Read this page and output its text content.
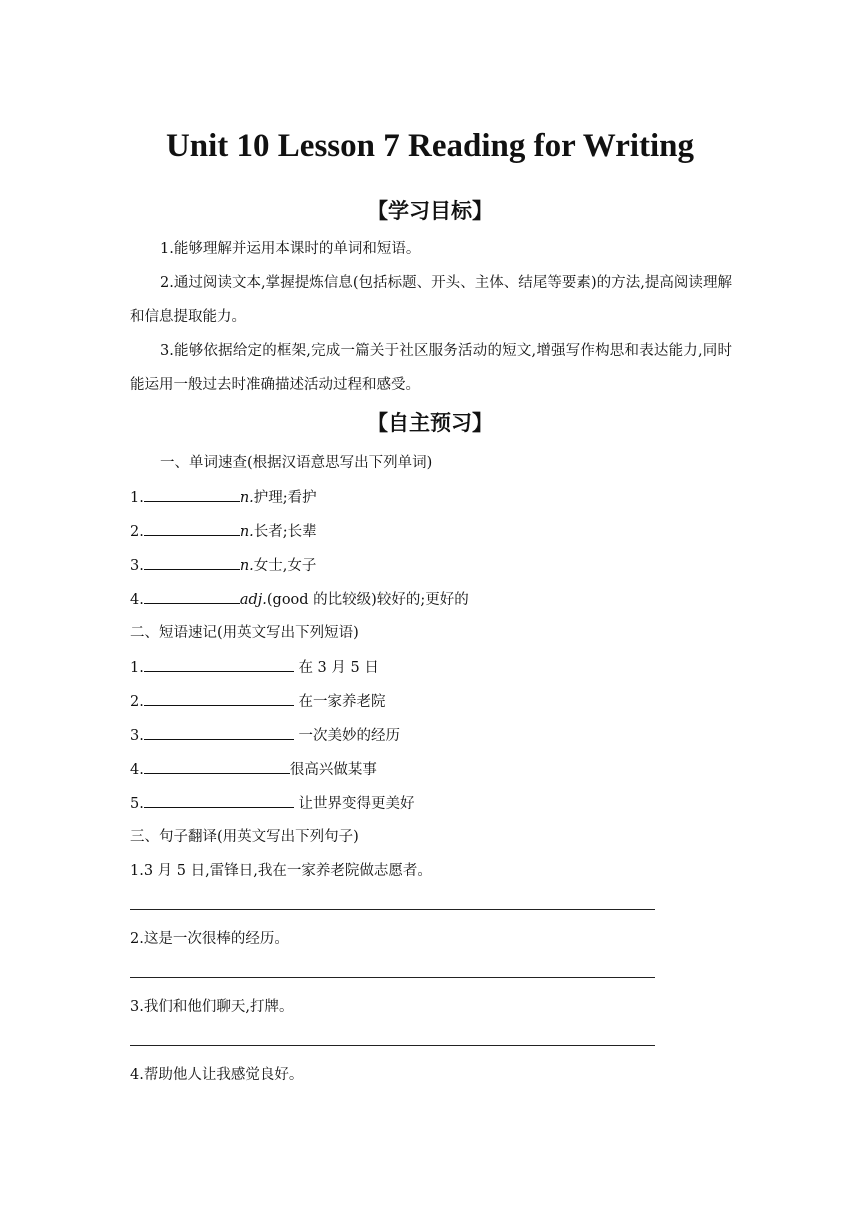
Unit 10 Lesson 7 Reading for Writing
【学习目标】
1.能够理解并运用本课时的单词和短语。
2.通过阅读文本,掌握提炼信息(包括标题、开头、主体、结尾等要素)的方法,提高阅读理解和信息提取能力。
3.能够依据给定的框架,完成一篇关于社区服务活动的短文,增强写作构思和表达能力,同时能运用一般过去时准确描述活动过程和感受。
【自主预习】
一、单词速查(根据汉语意思写出下列单词)
1.	n.护理;看护
2.	n.长者;长辈
3.	n.女士,女子
4.	adj.(good 的比较级)较好的;更好的
二、短语速记(用英文写出下列短语)
1.	在 3 月 5 日
2.	在一家养老院
3.	一次美妙的经历
4.	很高兴做某事
5.	让世界变得更美好
三、句子翻译(用英文写出下列句子)
1.3 月 5 日,雷锋日,我在一家养老院做志愿者。
2.这是一次很棒的经历。
3.我们和他们聊天,打牌。
4.帮助他人让我感觉良好。
